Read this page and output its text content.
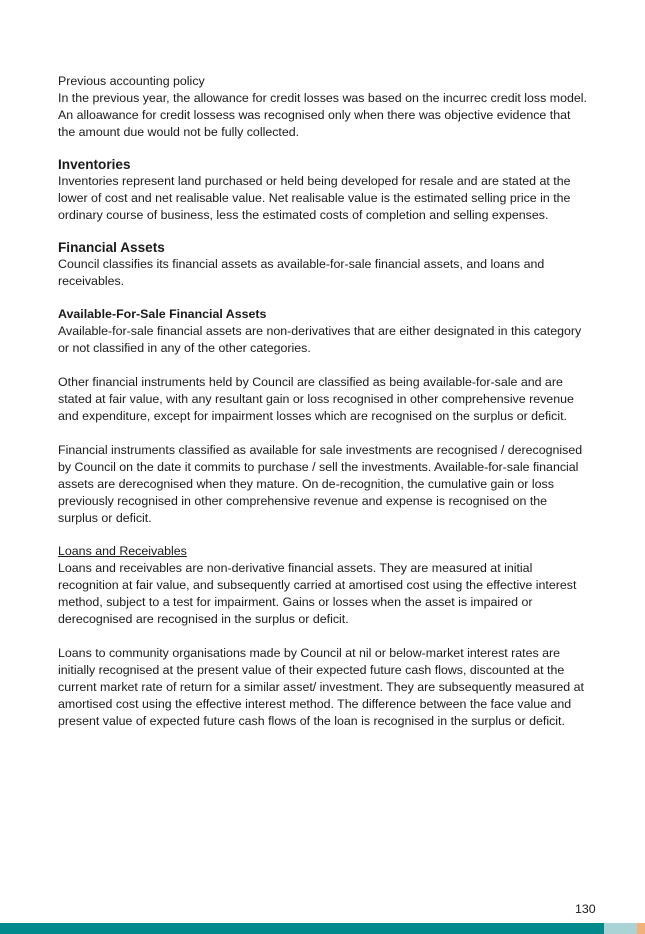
Previous accounting policy

In the previous year, the allowance for credit losses was based on the incurrec credit loss model. An alloawance for credit lossess was recognised only when there was objective evidence that the amount due would not be fully collected.

Inventories

Inventories represent land purchased or held being developed for resale and are stated at the lower of cost and net realisable value. Net realisable value is the estimated selling price in the ordinary course of business, less the estimated costs of completion and selling expenses.

Financial Assets

Council classifies its financial assets as available-for-sale financial assets, and loans and receivables.

Available-For-Sale Financial Assets

Available-for-sale financial assets are non-derivatives that are either designated in this category or not classified in any of the other categories.

Other financial instruments held by Council are classified as being available-for-sale and are stated at fair value, with any resultant gain or loss recognised in other comprehensive revenue and expenditure, except for impairment losses which are recognised on the surplus or deficit.

Financial instruments classified as available for sale investments are recognised / derecognised by Council on the date it commits to purchase / sell the investments. Available-for-sale financial assets are derecognised when they mature. On de-recognition, the cumulative gain or loss previously recognised in other comprehensive revenue and expense is recognised on the surplus or deficit.

Loans and Receivables

Loans and receivables are non-derivative financial assets. They are measured at initial recognition at fair value, and subsequently carried at amortised cost using the effective interest method, subject to a test for impairment. Gains or losses when the asset is impaired or derecognised are recognised in the surplus or deficit.

Loans to community organisations made by Council at nil or below-market interest rates are initially recognised at the present value of their expected future cash flows, discounted at the current market rate of return for a similar asset/ investment. They are subsequently measured at amortised cost using the effective interest method. The difference between the face value and present value of expected future cash flows of the loan is recognised in the surplus or deficit.

130
